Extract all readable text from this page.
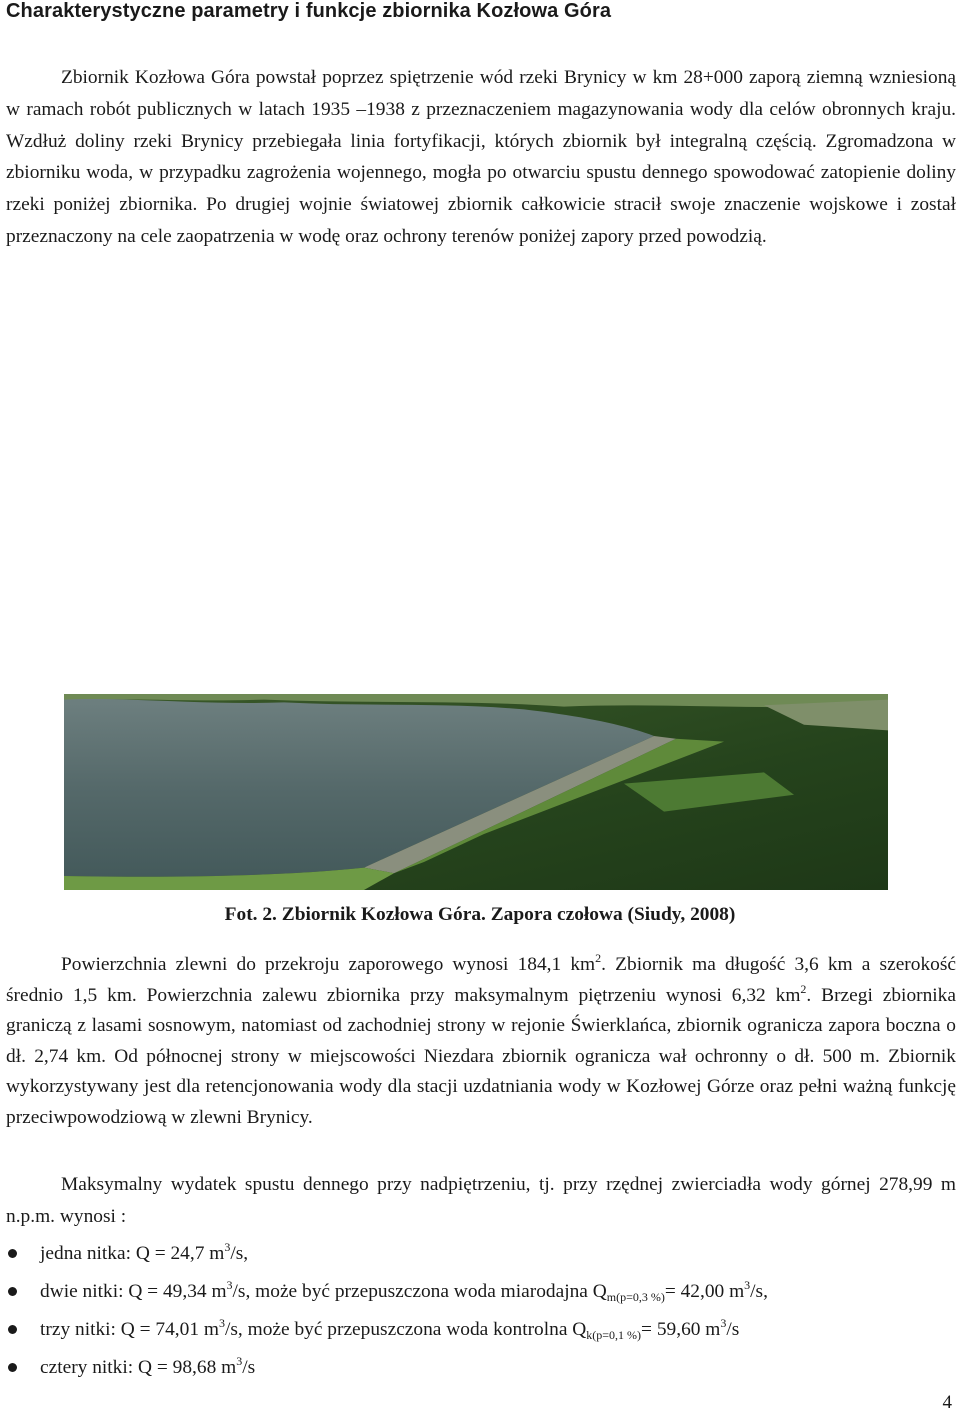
Charakterystyczne parametry i funkcje zbiornika Kozłowa Góra

Zbiornik Kozłowa Góra powstał poprzez spiętrzenie wód rzeki Brynicy w km 28+000 zaporą ziemną wzniesioną w ramach robót publicznych w latach 1935 –1938 z przeznaczeniem magazynowania wody dla celów obronnych kraju. Wzdłuż doliny rzeki Brynicy przebiegała linia fortyfikacji, których zbiornik był integralną częścią. Zgromadzona w zbiorniku woda, w przypadku zagrożenia wojennego, mogła po otwarciu spustu dennego spowodować zatopienie doliny rzeki poniżej zbiornika. Po drugiej wojnie światowej zbiornik całkowicie stracił swoje znaczenie wojskowe i został przeznaczony na cele zaopatrzenia w wodę oraz ochrony terenów poniżej zapory przed powodzią.

Fot. 2. Zbiornik Kozłowa Góra. Zapora czołowa (Siudy, 2008)

Powierzchnia zlewni do przekroju zaporowego wynosi 184,1 $km^2$. Zbiornik ma długość 3,6 km a szerokość średnio 1,5 km. Powierzchnia zalewu zbiornika przy maksymalnym piętrzeniu wynosi 6,32 $km^2$. Brzegi zbiornika graniczą z lasami sosnowym, natomiast od zachodniej strony w rejonie Świerklańca, zbiornik ogranicza zapora boczna o dł. 2,74 km. Od północnej strony w miejscowości Niezdara zbiornik ogranicza wał ochronny o dł. 500 m. Zbiornik wykorzystywany jest dla retencjonowania wody dla stacji uzdatniania wody w Kozłowej Górze oraz pełni ważną funkcję przeciwpowodziową w zlewni Brynicy.

Maksymalny wydatek spustu dennego przy nadpiętrzeniu, tj. przy rzędnej zwierciadła wody górnej 278,99 m n.p.m. wynosi :

jedna nitka: Q = 24,7 $m^3/s$,
dwie nitki: Q = 49,34 $m^3/s$, może być przepuszczona woda miarodajna $Q_{m(p=0,3 \%)}= 42,00$ $m^3/s$,
trzy nitki: Q = 74,01 $m^3/s$, może być przepuszczona woda kontrolna $Q_{k(p=0,1 \%)}= 59,60$ $m^3/s$
cztery nitki: Q = 98,68 $m^3/s$
4
